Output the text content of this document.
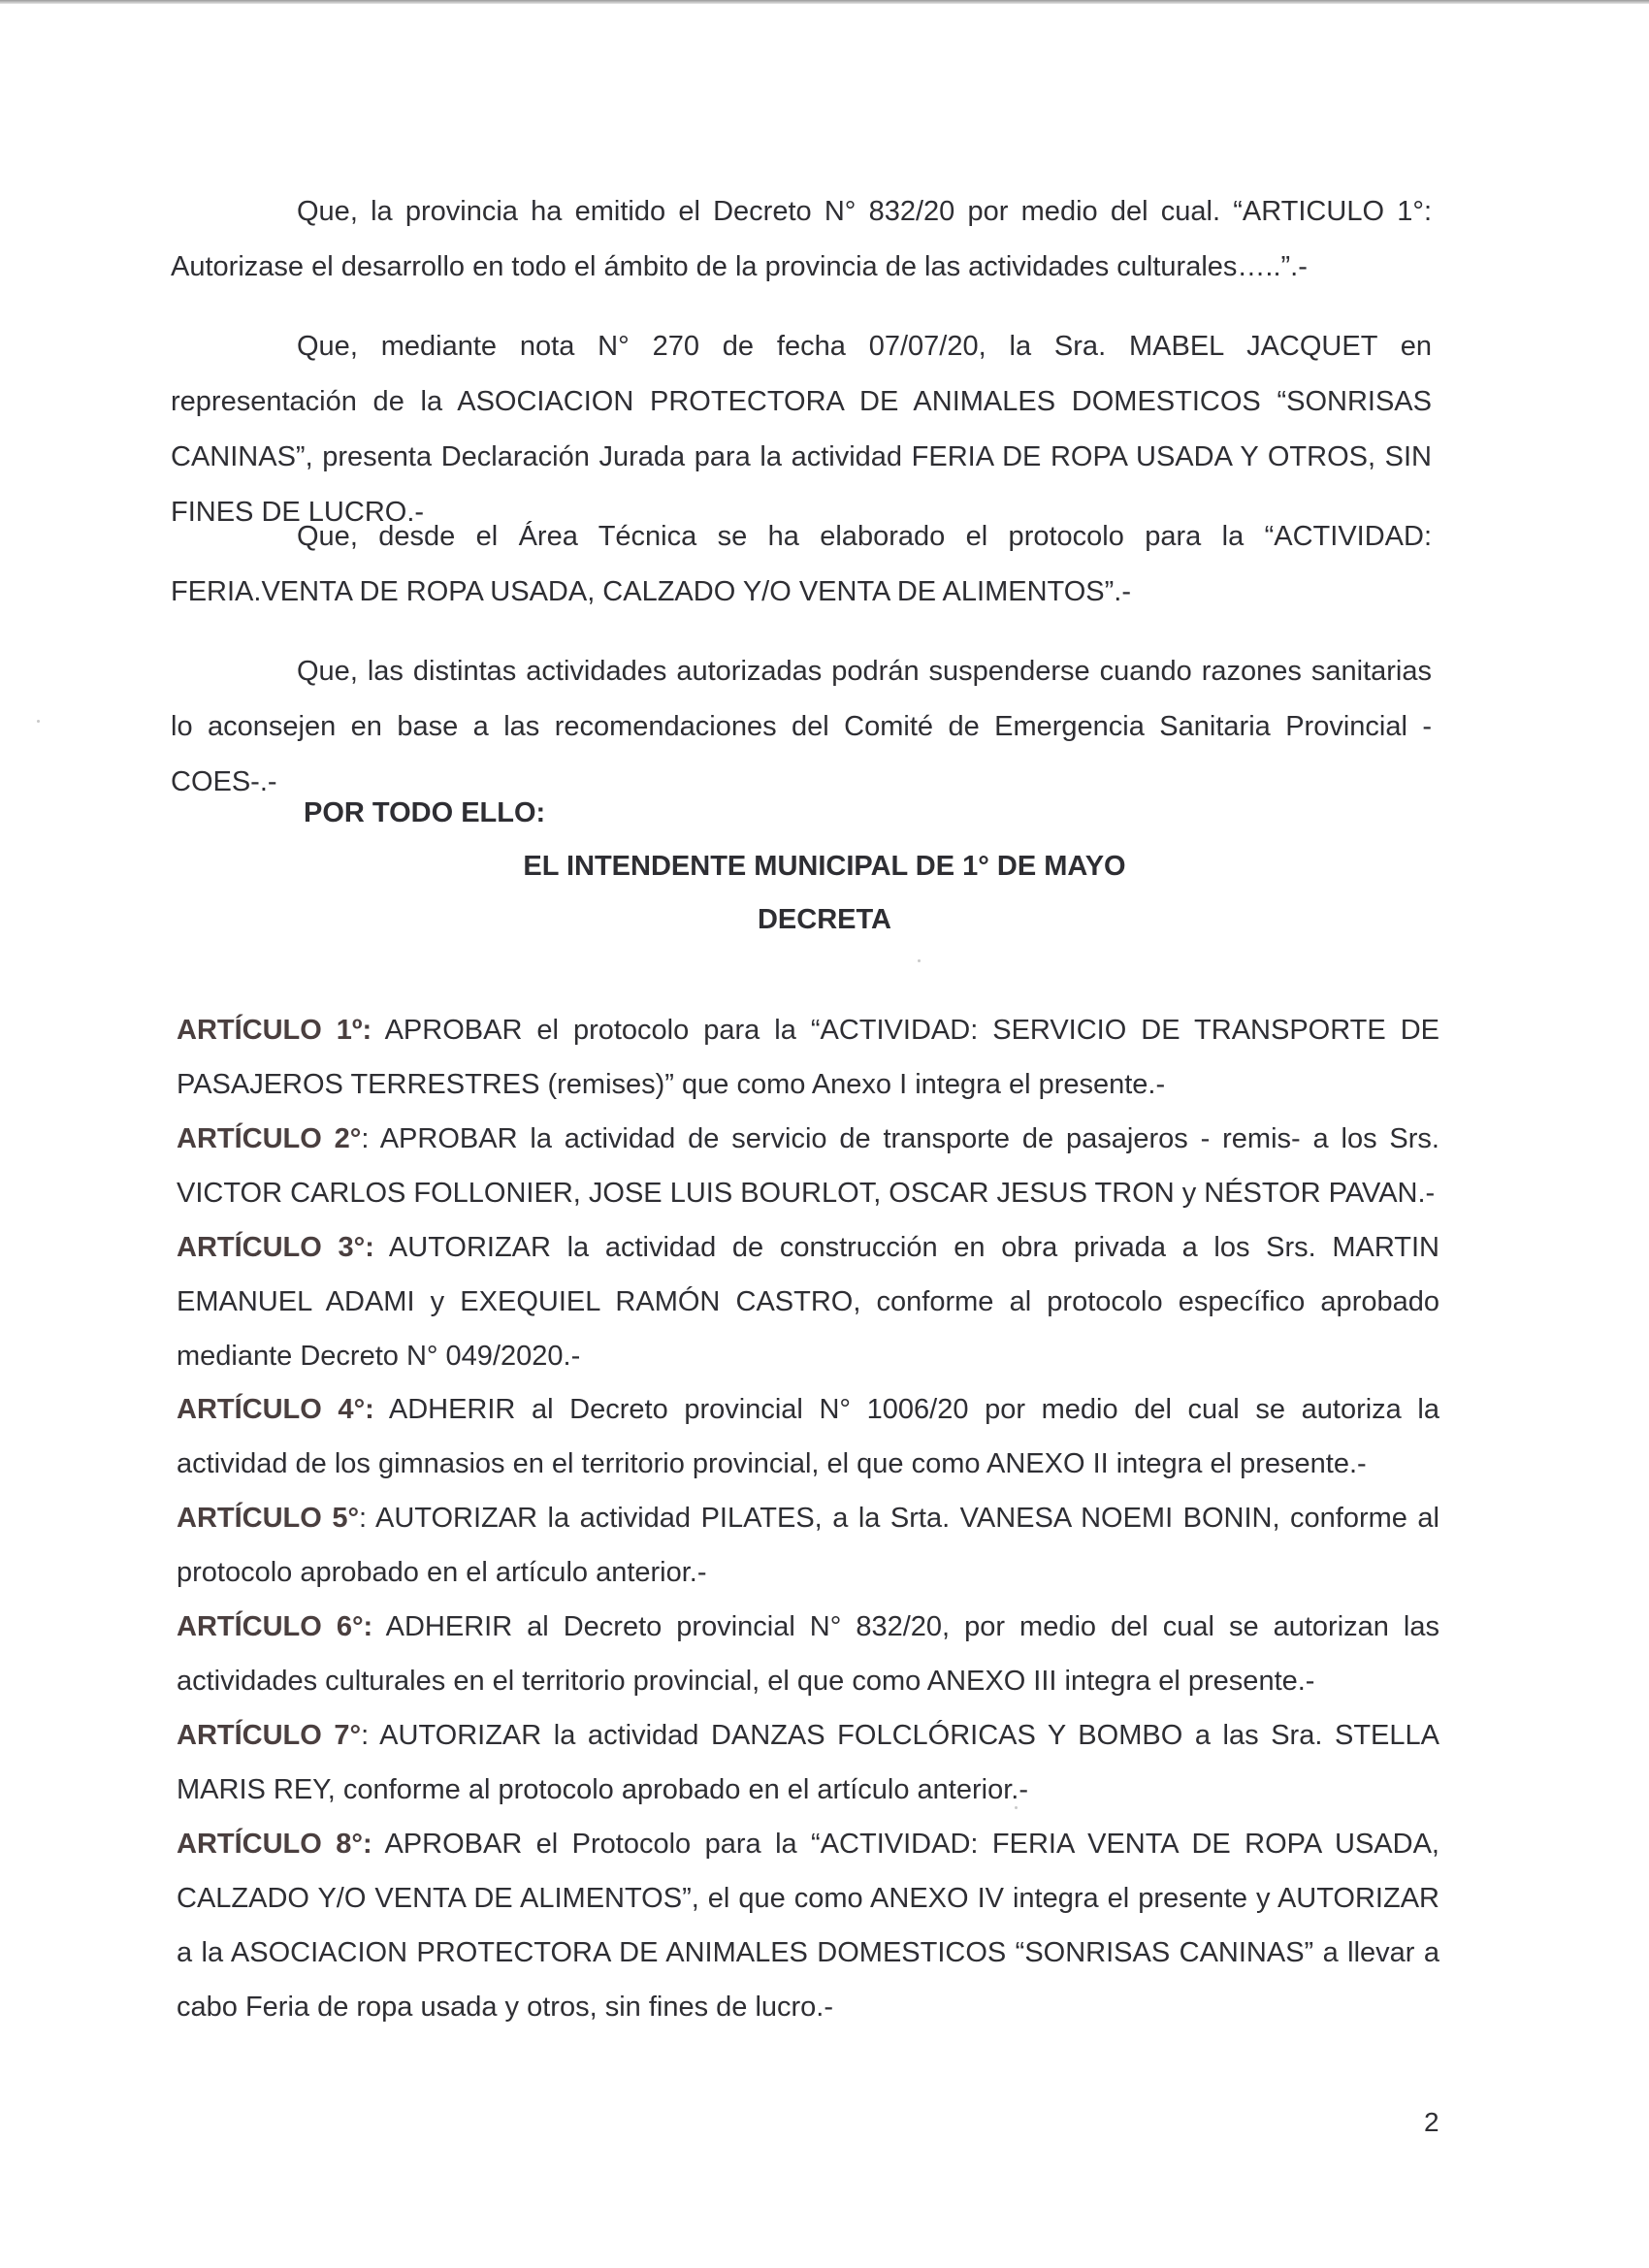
Que, la provincia ha emitido el Decreto N° 832/20 por medio del cual. “ARTICULO 1°: Autorizase el desarrollo en todo el ámbito de la provincia de las actividades culturales…..”.-

Que, mediante nota N° 270 de fecha 07/07/20, la Sra. MABEL JACQUET en representación de la ASOCIACION PROTECTORA DE ANIMALES DOMESTICOS “SONRISAS CANINAS”, presenta Declaración Jurada para la actividad FERIA DE ROPA USADA Y OTROS, SIN FINES DE LUCRO.-

Que, desde el Área Técnica se ha elaborado el protocolo para la “ACTIVIDAD: FERIA.VENTA DE ROPA USADA, CALZADO Y/O VENTA DE ALIMENTOS”.-

Que, las distintas actividades autorizadas podrán suspenderse cuando razones sanitarias lo aconsejen en base a las recomendaciones del Comité de Emergencia Sanitaria Provincial -COES-.-

POR TODO ELLO:

EL INTENDENTE MUNICIPAL DE 1° DE MAYO

DECRETA

ARTÍCULO 1º: APROBAR el protocolo para la “ACTIVIDAD: SERVICIO DE TRANSPORTE DE PASAJEROS TERRESTRES (remises)” que como Anexo I integra el presente.-

ARTÍCULO 2°: APROBAR la actividad de servicio de transporte de pasajeros - remis- a los Srs. VICTOR CARLOS FOLLONIER, JOSE LUIS BOURLOT, OSCAR JESUS TRON y NÉSTOR PAVAN.-

ARTÍCULO 3°: AUTORIZAR la actividad de construcción en obra privada a los Srs. MARTIN EMANUEL ADAMI y EXEQUIEL RAMÓN CASTRO, conforme al protocolo específico aprobado mediante Decreto N° 049/2020.-

ARTÍCULO 4°: ADHERIR al Decreto provincial N° 1006/20 por medio del cual se autoriza la actividad de los gimnasios en el territorio provincial, el que como ANEXO II integra el presente.-

ARTÍCULO 5°: AUTORIZAR la actividad PILATES, a la Srta. VANESA NOEMI BONIN, conforme al protocolo aprobado en el artículo anterior.-

ARTÍCULO 6°: ADHERIR al Decreto provincial N° 832/20, por medio del cual se autorizan las actividades culturales en el territorio provincial, el que como ANEXO III integra el presente.-

ARTÍCULO 7°: AUTORIZAR la actividad DANZAS FOLCLÓRICAS Y BOMBO a las Sra. STELLA MARIS REY, conforme al protocolo aprobado en el artículo anterior.-

ARTÍCULO 8°: APROBAR el Protocolo para la “ACTIVIDAD: FERIA VENTA DE ROPA USADA, CALZADO Y/O VENTA DE ALIMENTOS”, el que como ANEXO IV integra el presente y AUTORIZAR a la ASOCIACION PROTECTORA DE ANIMALES DOMESTICOS “SONRISAS CANINAS” a llevar a cabo Feria de ropa usada y otros, sin fines de lucro.-

2
